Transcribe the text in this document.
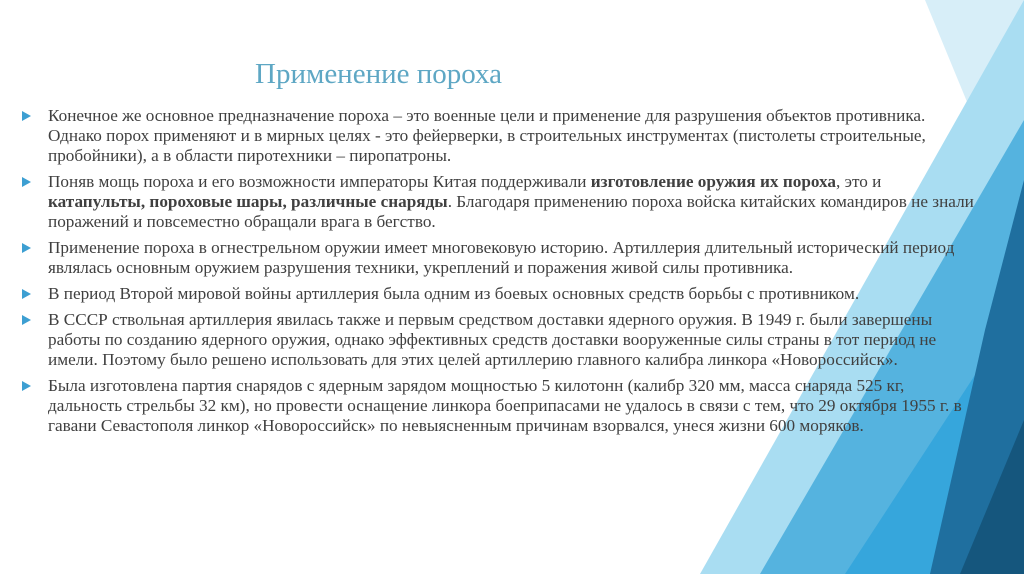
Применение пороха
Конечное же основное предназначение пороха – это военные цели и применение для разрушения объектов противника. Однако порох применяют и в мирных целях - это фейерверки, в строительных инструментах (пистолеты строительные, пробойники), а в области пиротехники – пиропатроны.
Поняв мощь пороха и его возможности императоры Китая поддерживали изготовление оружия их пороха, это и катапульты, пороховые шары, различные снаряды. Благодаря применению пороха войска китайских командиров не знали поражений и повсеместно обращали врага в бегство.
Применение пороха в огнестрельном оружии имеет многовековую историю. Артиллерия длительный исторический период являлась основным оружием разрушения техники, укреплений и поражения живой силы противника.
В период Второй мировой войны артиллерия была одним из боевых основных средств борьбы с противником.
В СССР ствольная артиллерия явилась также и первым средством доставки ядерного оружия. В 1949 г. были завершены работы по созданию ядерного оружия, однако эффективных средств доставки вооруженные силы страны в тот период не имели. Поэтому было решено использовать для этих целей артиллерию главного калибра линкора «Новороссийск».
Была изготовлена партия снарядов с ядерным зарядом мощностью 5 килотонн (калибр 320 мм, масса снаряда 525 кг, дальность стрельбы 32 км), но провести оснащение линкора боеприпасами не удалось в связи с тем, что 29 октября 1955 г. в гавани Севастополя линкор «Новороссийск» по невыясненным причинам взорвался, унеся жизни 600 моряков.
